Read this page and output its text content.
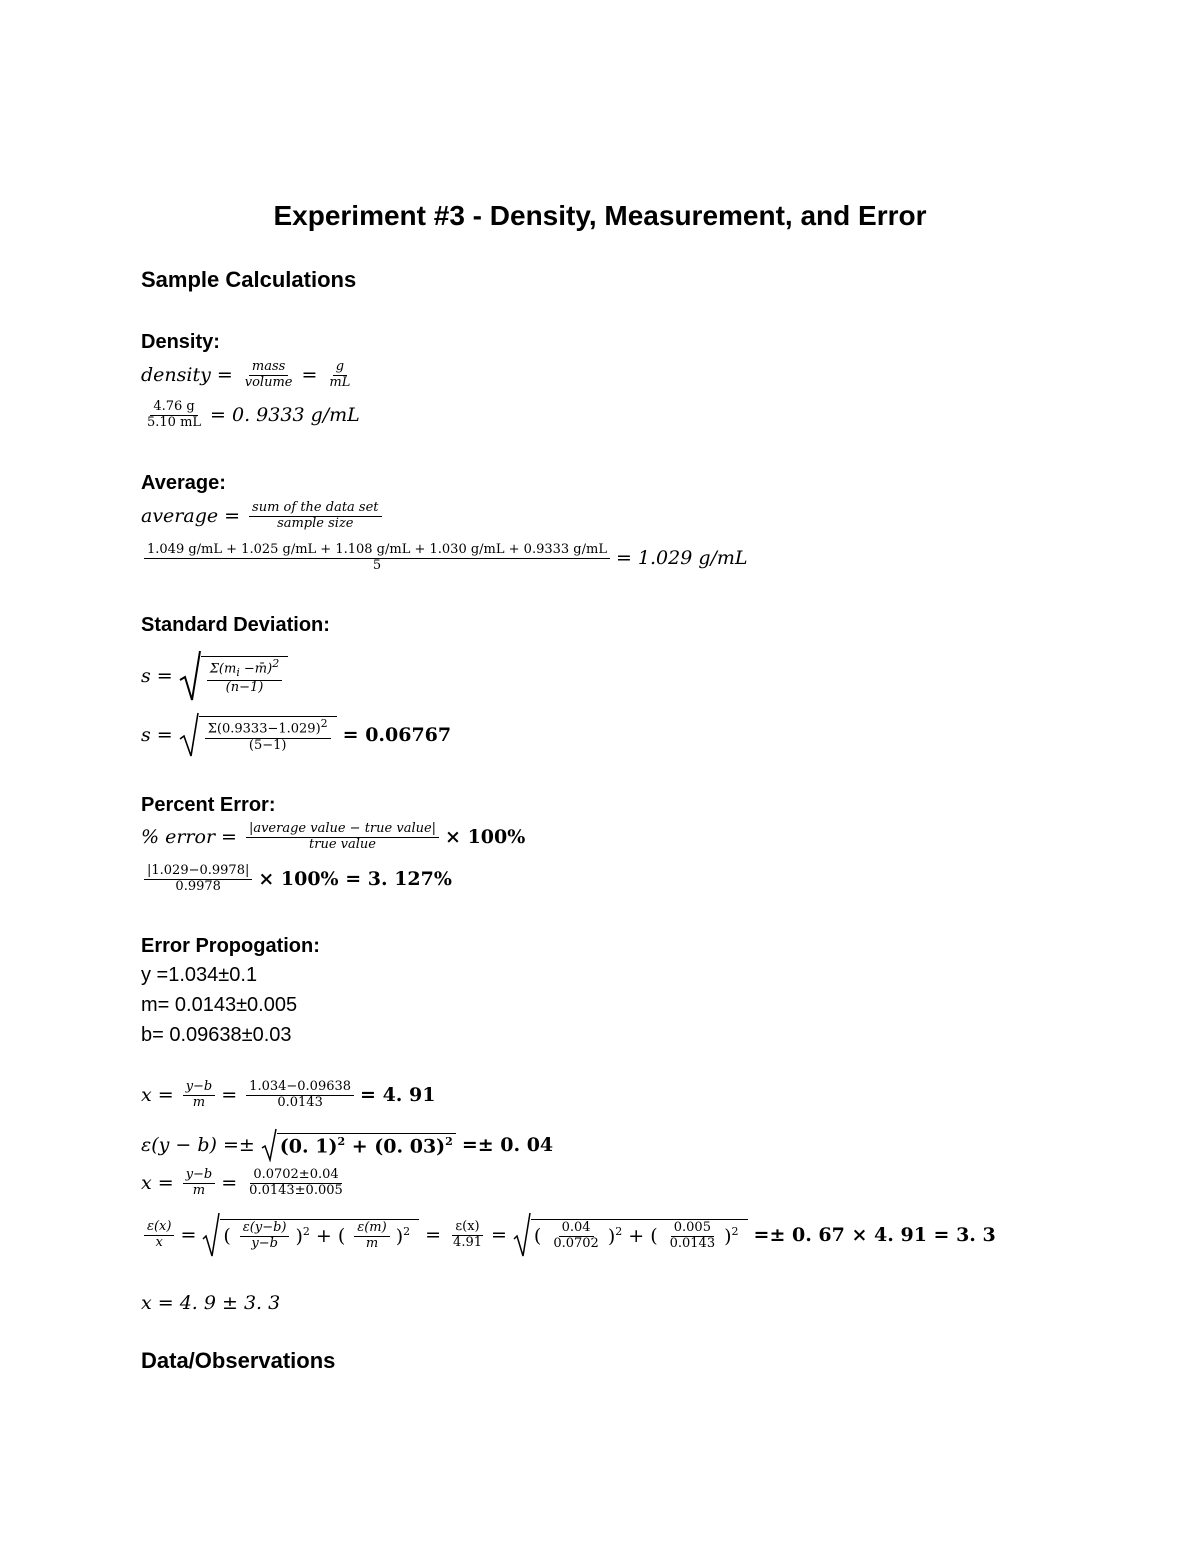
Experiment #3 - Density, Measurement, and Error
Sample Calculations
Density:
density = $\frac{\text{mass}}{\text{volume}} = \frac{g}{mL}$
$\frac{4.76 g}{5.10 mL} = 0$. 9333 g/mL
Average:
average = $\frac{\text{sum of the data set}}{\text{sample size}}$
1.049 g/mL + 1.025 g/mL + 1.108 g/mL + 1.030 g/mL + 0.9333 g/mL
5	= 1.029 g/mL
Standard Deviation:
s =	$\frac{\Sigma(m_i -m̄)^2}{(n-1)}$
$s = \frac{\Sigma(0.9333-1.029)^2}{(5-1)} = 0.06767$
Percent Error:
% error = $\frac{\text{|average value − true value|}}{\text{true value}} \times 100\%$
$\frac{|1.029-0.9978|}{0.9978} \times 100\% = 3$. 127%
Error Propogation:
y =1.034±0.1
m= 0.0143±0.005
b= 0.09638±0.03
$x = \frac{y-b}{m} = \frac{1.034-0.09638}{0.0143} = 4$. 91
ε(y − b) =± (0. 1)$^2$ + (0. 03)$^2$ =± 0. 04
$x = \frac{y-b}{m} = \frac{0.0702\pm 0.04}{0.0143\pm 0.005}$
$\frac{\varepsilon(x)}{x}$ = ( $\frac{\varepsilon(y-b)}{y-b} )^2$ + ( $\frac{\varepsilon(m)}{m} )^2 = \frac{\varepsilon(x)}{4.91}$ = ( $\frac{0.04}{0.0702} )^2$ + ( $\frac{0.005}{0.0143} )^2 =\pm 0$. 67 × 4. 91 = 3. 3
x = 4. 9 ± 3. 3
Data/Observations
